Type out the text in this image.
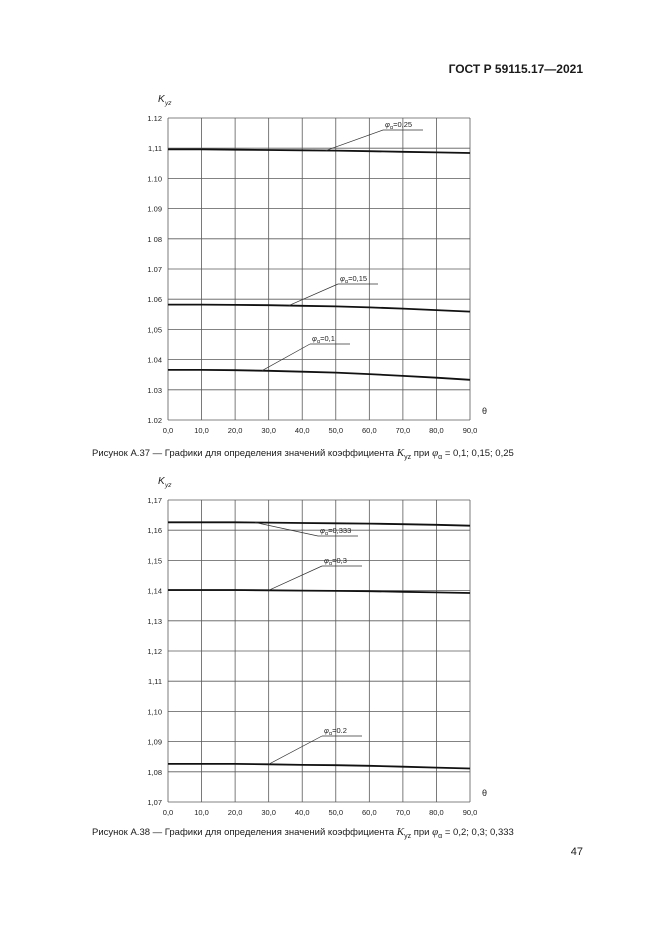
ГОСТ Р 59115.17—2021
1.02
1.03
1.04
1,05
1.06
1.07
1 08
1.09
1.10
1,11
1.12
0,0	10,0	20,0	30,0	40,0	50,0	60,0	70,0	80,0	90,0
K yz
θ
$\varphi_\alpha=0,25$
$\varphi_\alpha=0,15$
$\varphi_\alpha=0,1$
Рисунок А.37 — Графики для определения значений коэффициента $K_{yz}$ при $\varphi_\alpha = 0,1$; 0,15; 0,25
1,07
1,08
1,09
1,10
1,11
1,12
1,13
1,14
1,15
1,16
1,17
0,0	10,0	20,0	30,0	40,0	50,0	60,0	70,0	80,0	90,0
K yz
θ
$\varphi_\alpha=0,333$
$\varphi_\alpha=0,3$
$\varphi_\alpha=0.2$
Рисунок А.38 — Графики для определения значений коэффициента $K_{yz}$ при $\varphi_\alpha = 0,2$; 0,3; 0,333
47
